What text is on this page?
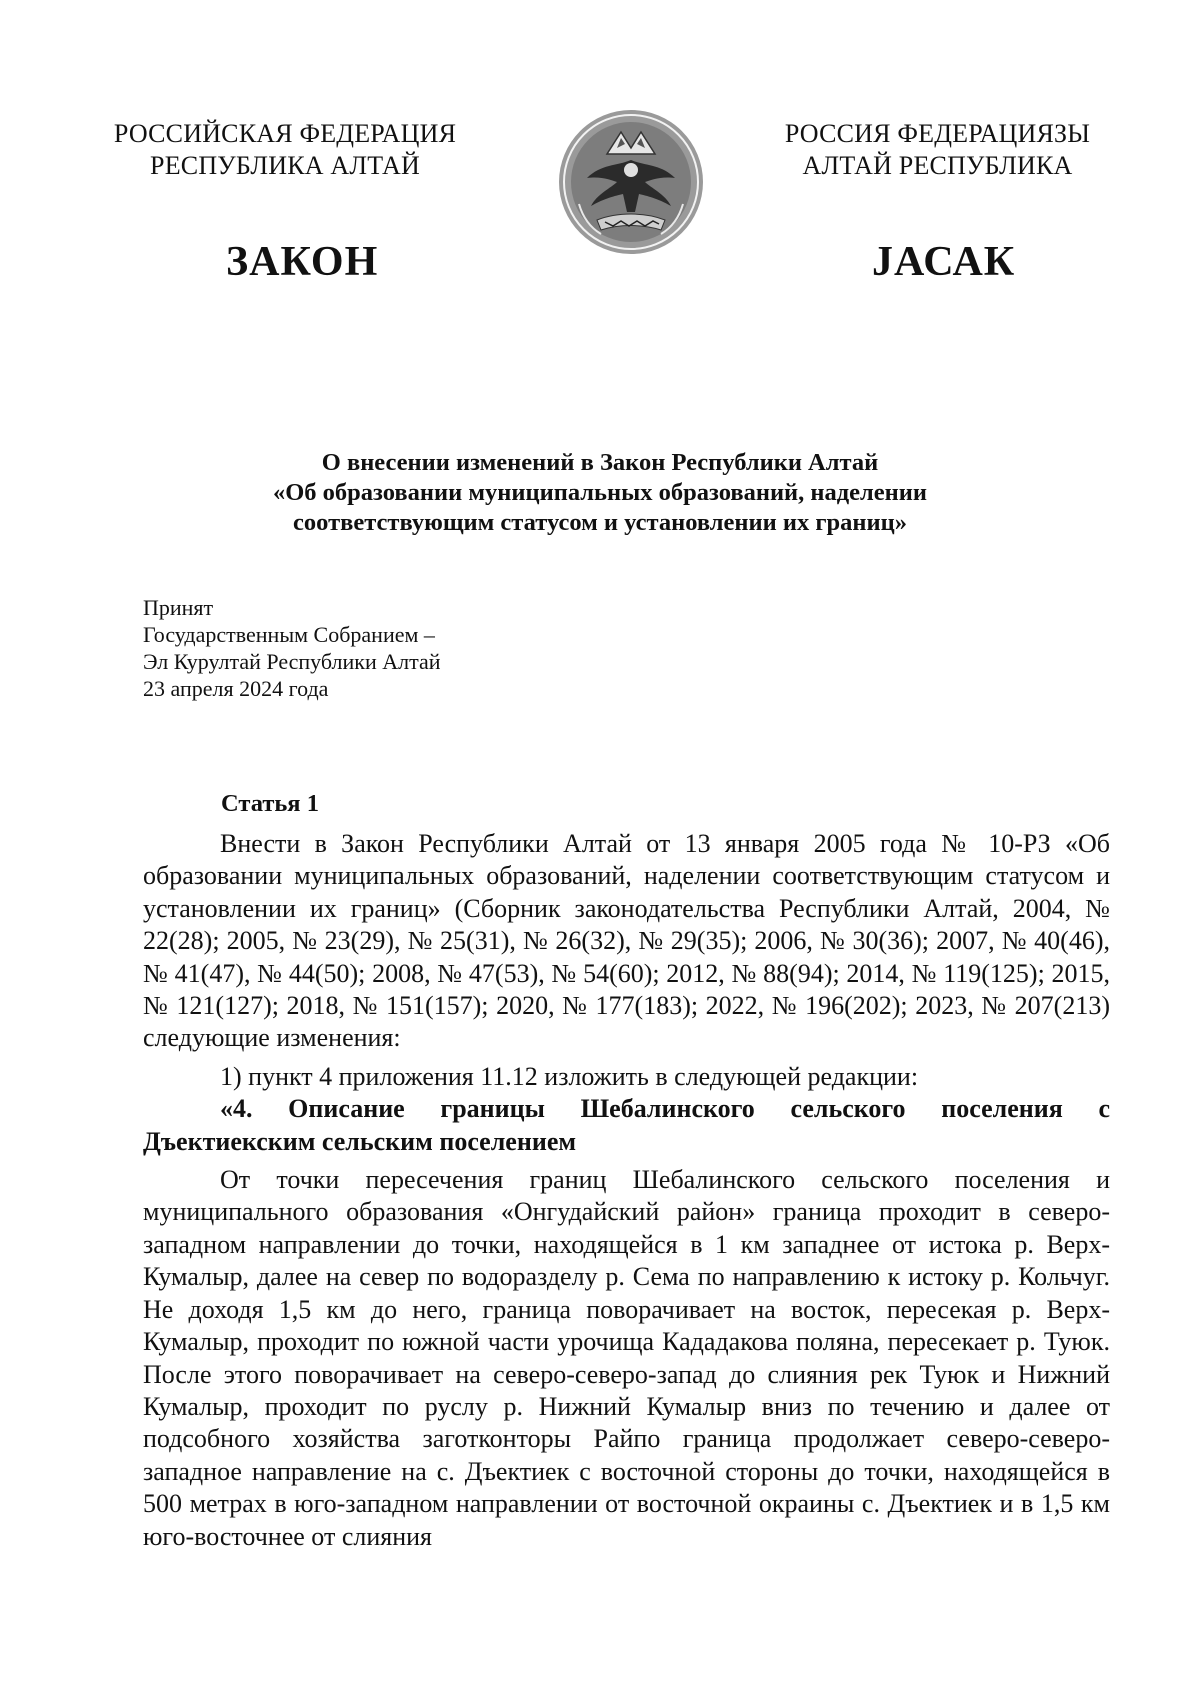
РОССИЙСКАЯ ФЕДЕРАЦИЯ
РЕСПУБЛИКА АЛТАЙ
РОССИЯ ФЕДЕРАЦИЯЗЫ
АЛТАЙ РЕСПУБЛИКА
ЗАКОН	ЈАСАК
О внесении изменений в Закон Республики Алтай
«Об образовании муниципальных образований, наделении
соответствующим статусом и установлении их границ»
Принят
Государственным Собранием –
Эл Курултай Республики Алтай
23 апреля 2024 года
Статья 1

Внести в Закон Республики Алтай от 13 января 2005 года № 10-РЗ «Об образовании муниципальных образований, наделении соответствующим статусом и установлении их границ» (Сборник законодательства Республики Алтай, 2004, № 22(28); 2005, № 23(29), № 25(31), № 26(32), № 29(35); 2006, № 30(36); 2007, № 40(46), № 41(47), № 44(50); 2008, № 47(53), № 54(60); 2012, № 88(94); 2014, № 119(125); 2015, № 121(127); 2018, № 151(157); 2020, № 177(183); 2022, № 196(202); 2023, № 207(213) следующие изменения:

1) пункт 4 приложения 11.12 изложить в следующей редакции:

«4. Описание границы Шебалинского сельского поселения с Дъектиекским сельским поселением

От точки пересечения границ Шебалинского сельского поселения и муниципального образования «Онгудайский район» граница проходит в северо-западном направлении до точки, находящейся в 1 км западнее от истока р. Верх-Кумалыр, далее на север по водоразделу р. Сема по направлению к истоку р. Кольчуг. Не доходя 1,5 км до него, граница поворачивает на восток, пересекая р. Верх-Кумалыр, проходит по южной части урочища Кададакова поляна, пересекает р. Туюк. После этого поворачивает на северо-северо-запад до слияния рек Туюк и Нижний Кумалыр, проходит по руслу р. Нижний Кумалыр вниз по течению и далее от подсобного хозяйства заготконторы Райпо граница продолжает северо-северо-западное направление на с. Дъектиек с восточной стороны до точки, находящейся в 500 метрах в юго-западном направлении от восточной окраины с. Дъектиек и в 1,5 км юго-восточнее от слияния
